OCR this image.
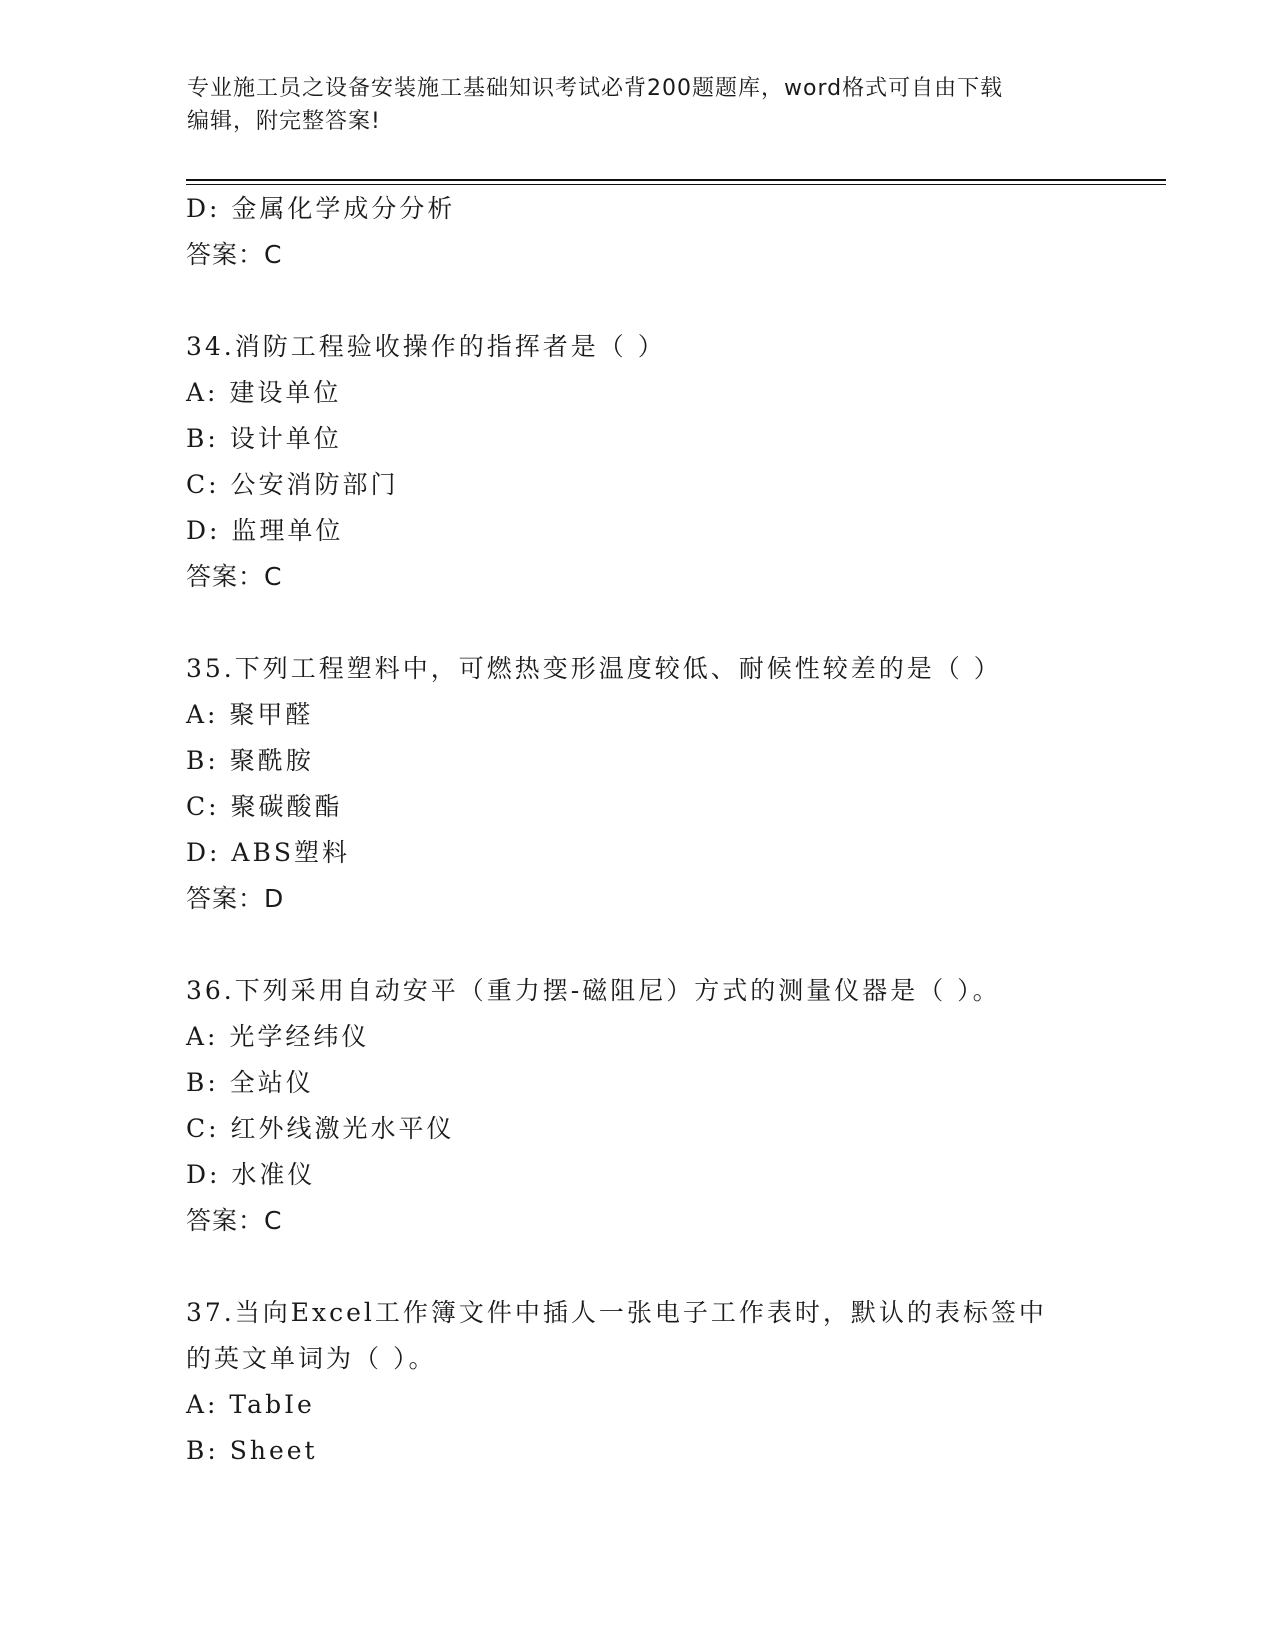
专业施工员之设备安装施工基础知识考试必背200题题库，word格式可自由下载
编辑，附完整答案!
D: 金属化学成分分析
答案：C
34.消防工程验收操作的指挥者是（ ）
A: 建设单位
B: 设计单位
C: 公安消防部门
D: 监理单位
答案：C
35.下列工程塑料中，可燃热变形温度较低、耐候性较差的是（ ）
A: 聚甲醛
B: 聚酰胺
C: 聚碳酸酯
D: ABS塑料
答案：D
36.下列采用自动安平（重力摆-磁阻尼）方式的测量仪器是（ ）。
A: 光学经纬仪
B: 全站仪
C: 红外线激光水平仪
D: 水准仪
答案：C
37.当向Excel工作簿文件中插人一张电子工作表时，默认的表标签中
的英文单词为（ ）。
A: TabIe
B: Sheet
